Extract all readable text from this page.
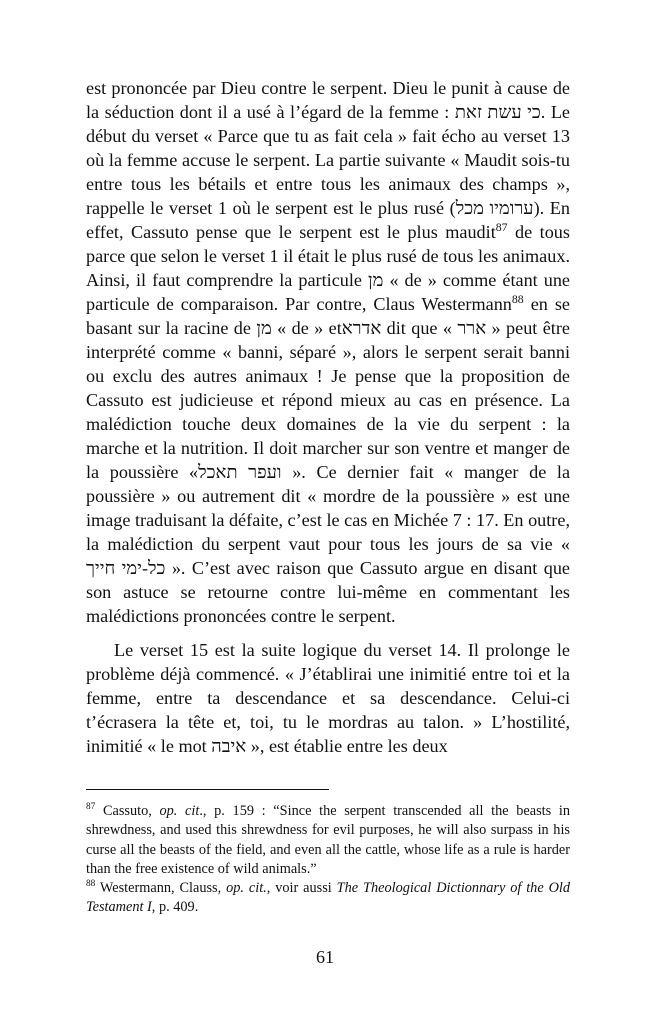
est prononcée par Dieu contre le serpent. Dieu le punit à cause de la séduction dont il a usé à l’égard de la femme : כי עשת זאת. Le début du verset « Parce que tu as fait cela » fait écho au verset 13 où la femme accuse le serpent. La partie suivante « Maudit sois-tu entre tous les bétails et entre tous les animaux des champs », rappelle le verset 1 où le serpent est le plus rusé (ערומיו מכל). En effet, Cassuto pense que le serpent est le plus maudit$^{87}$ de tous parce que selon le verset 1 il était le plus rusé de tous les animaux. Ainsi, il faut comprendre la particule מן « de » comme étant une particule de comparaison. Par contre, Claus Westermann$^{88}$ en se basant sur la racine de מן « de » etאדרא dit que « ארר » peut être interprété comme « banni, séparé », alors le serpent serait banni ou exclu des autres animaux ! Je pense que la proposition de Cassuto est judicieuse et répond mieux au cas en présence. La malédiction touche deux domaines de la vie du serpent : la marche et la nutrition. Il doit marcher sur son ventre et manger de la poussière «ועפר תאכל ». Ce dernier fait « manger de la poussière » ou autrement dit « mordre de la poussière » est une image traduisant la défaite, c’est le cas en Michée 7 : 17. En outre, la malédiction du serpent vaut pour tous les jours de sa vie « כל-ימי חייך ». C’est avec raison que Cassuto argue en disant que son astuce se retourne contre lui-même en commentant les malédictions prononcées contre le serpent.

Le verset 15 est la suite logique du verset 14. Il prolonge le problème déjà commencé. « J’établirai une inimitié entre toi et la femme, entre ta descendance et sa descendance. Celui-ci t’écrasera la tête et, toi, tu le mordras au talon. » L’hostilité, inimitié « le mot איבה », est établie entre les deux

$^{87}$ Cassuto, op. cit., p. 159 : “Since the serpent transcended all the beasts in shrewdness, and used this shrewdness for evil purposes, he will also surpass in his curse all the beasts of the field, and even all the cattle, whose life as a rule is harder than the free existence of wild animals.”

$^{88}$ Westermann, Clauss, op. cit., voir aussi The Theological Dictionnary of the Old Testament I, p. 409.

61
